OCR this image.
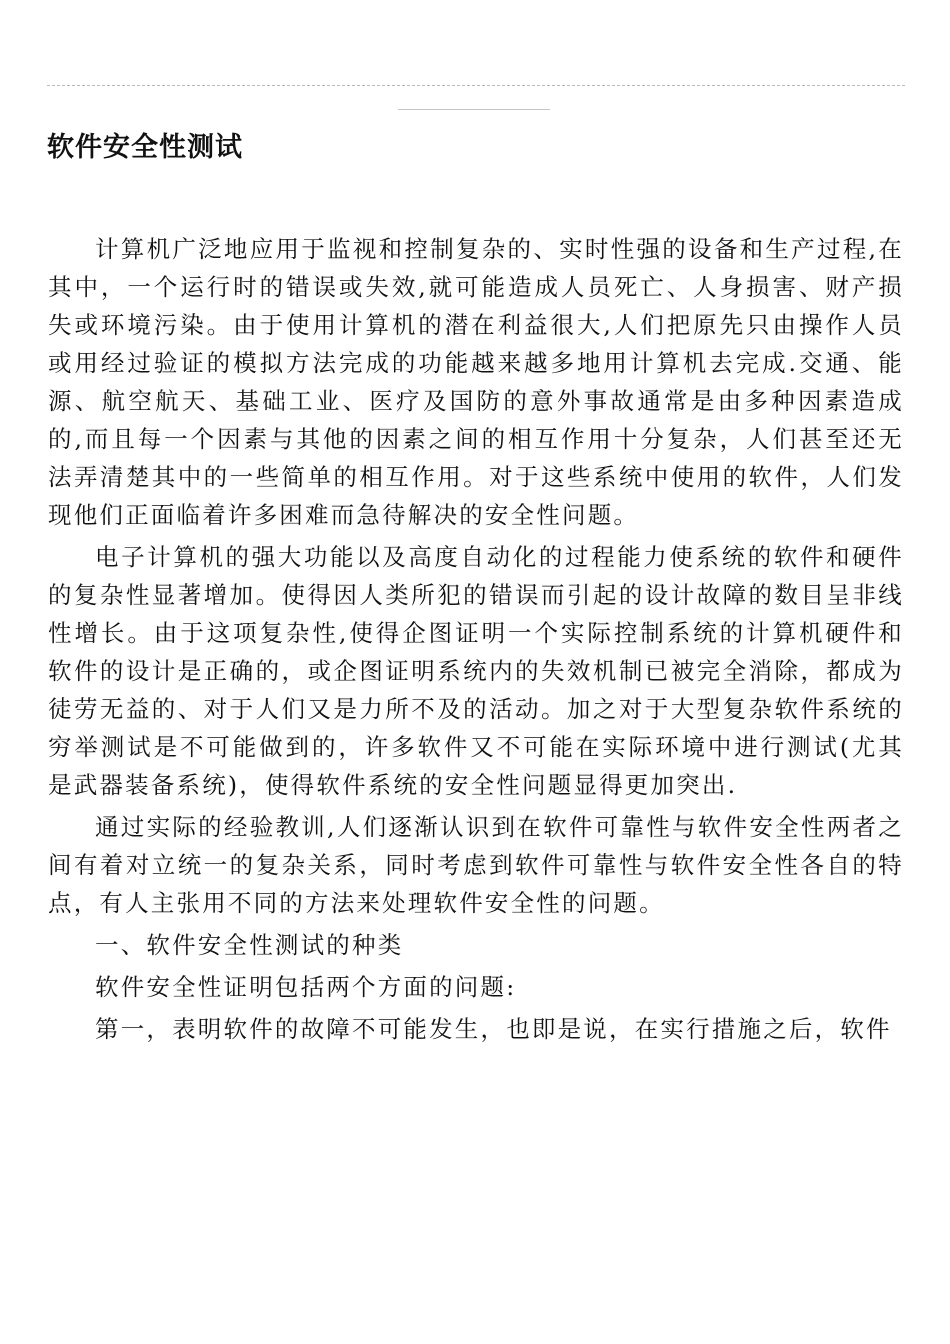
软件安全性测试

计算机广泛地应用于监视和控制复杂的、实时性强的设备和生产过程,在其中，一个运行时的错误或失效,就可能造成人员死亡、人身损害、财产损失或环境污染。由于使用计算机的潜在利益很大,人们把原先只由操作人员或用经过验证的模拟方法完成的功能越来越多地用计算机去完成.交通、能源、航空航天、基础工业、医疗及国防的意外事故通常是由多种因素造成的,而且每一个因素与其他的因素之间的相互作用十分复杂，人们甚至还无法弄清楚其中的一些简单的相互作用。对于这些系统中使用的软件，人们发现他们正面临着许多困难而急待解决的安全性问题。

电子计算机的强大功能以及高度自动化的过程能力使系统的软件和硬件的复杂性显著增加。使得因人类所犯的错误而引起的设计故障的数目呈非线性增长。由于这项复杂性,使得企图证明一个实际控制系统的计算机硬件和软件的设计是正确的，或企图证明系统内的失效机制已被完全消除，都成为徒劳无益的、对于人们又是力所不及的活动。加之对于大型复杂软件系统的穷举测试是不可能做到的，许多软件又不可能在实际环境中进行测试(尤其是武器装备系统)，使得软件系统的安全性问题显得更加突出.

通过实际的经验教训,人们逐渐认识到在软件可靠性与软件安全性两者之间有着对立统一的复杂关系，同时考虑到软件可靠性与软件安全性各自的特点，有人主张用不同的方法来处理软件安全性的问题。

一、软件安全性测试的种类

软件安全性证明包括两个方面的问题:

第一，表明软件的故障不可能发生，也即是说，在实行措施之后，软件
